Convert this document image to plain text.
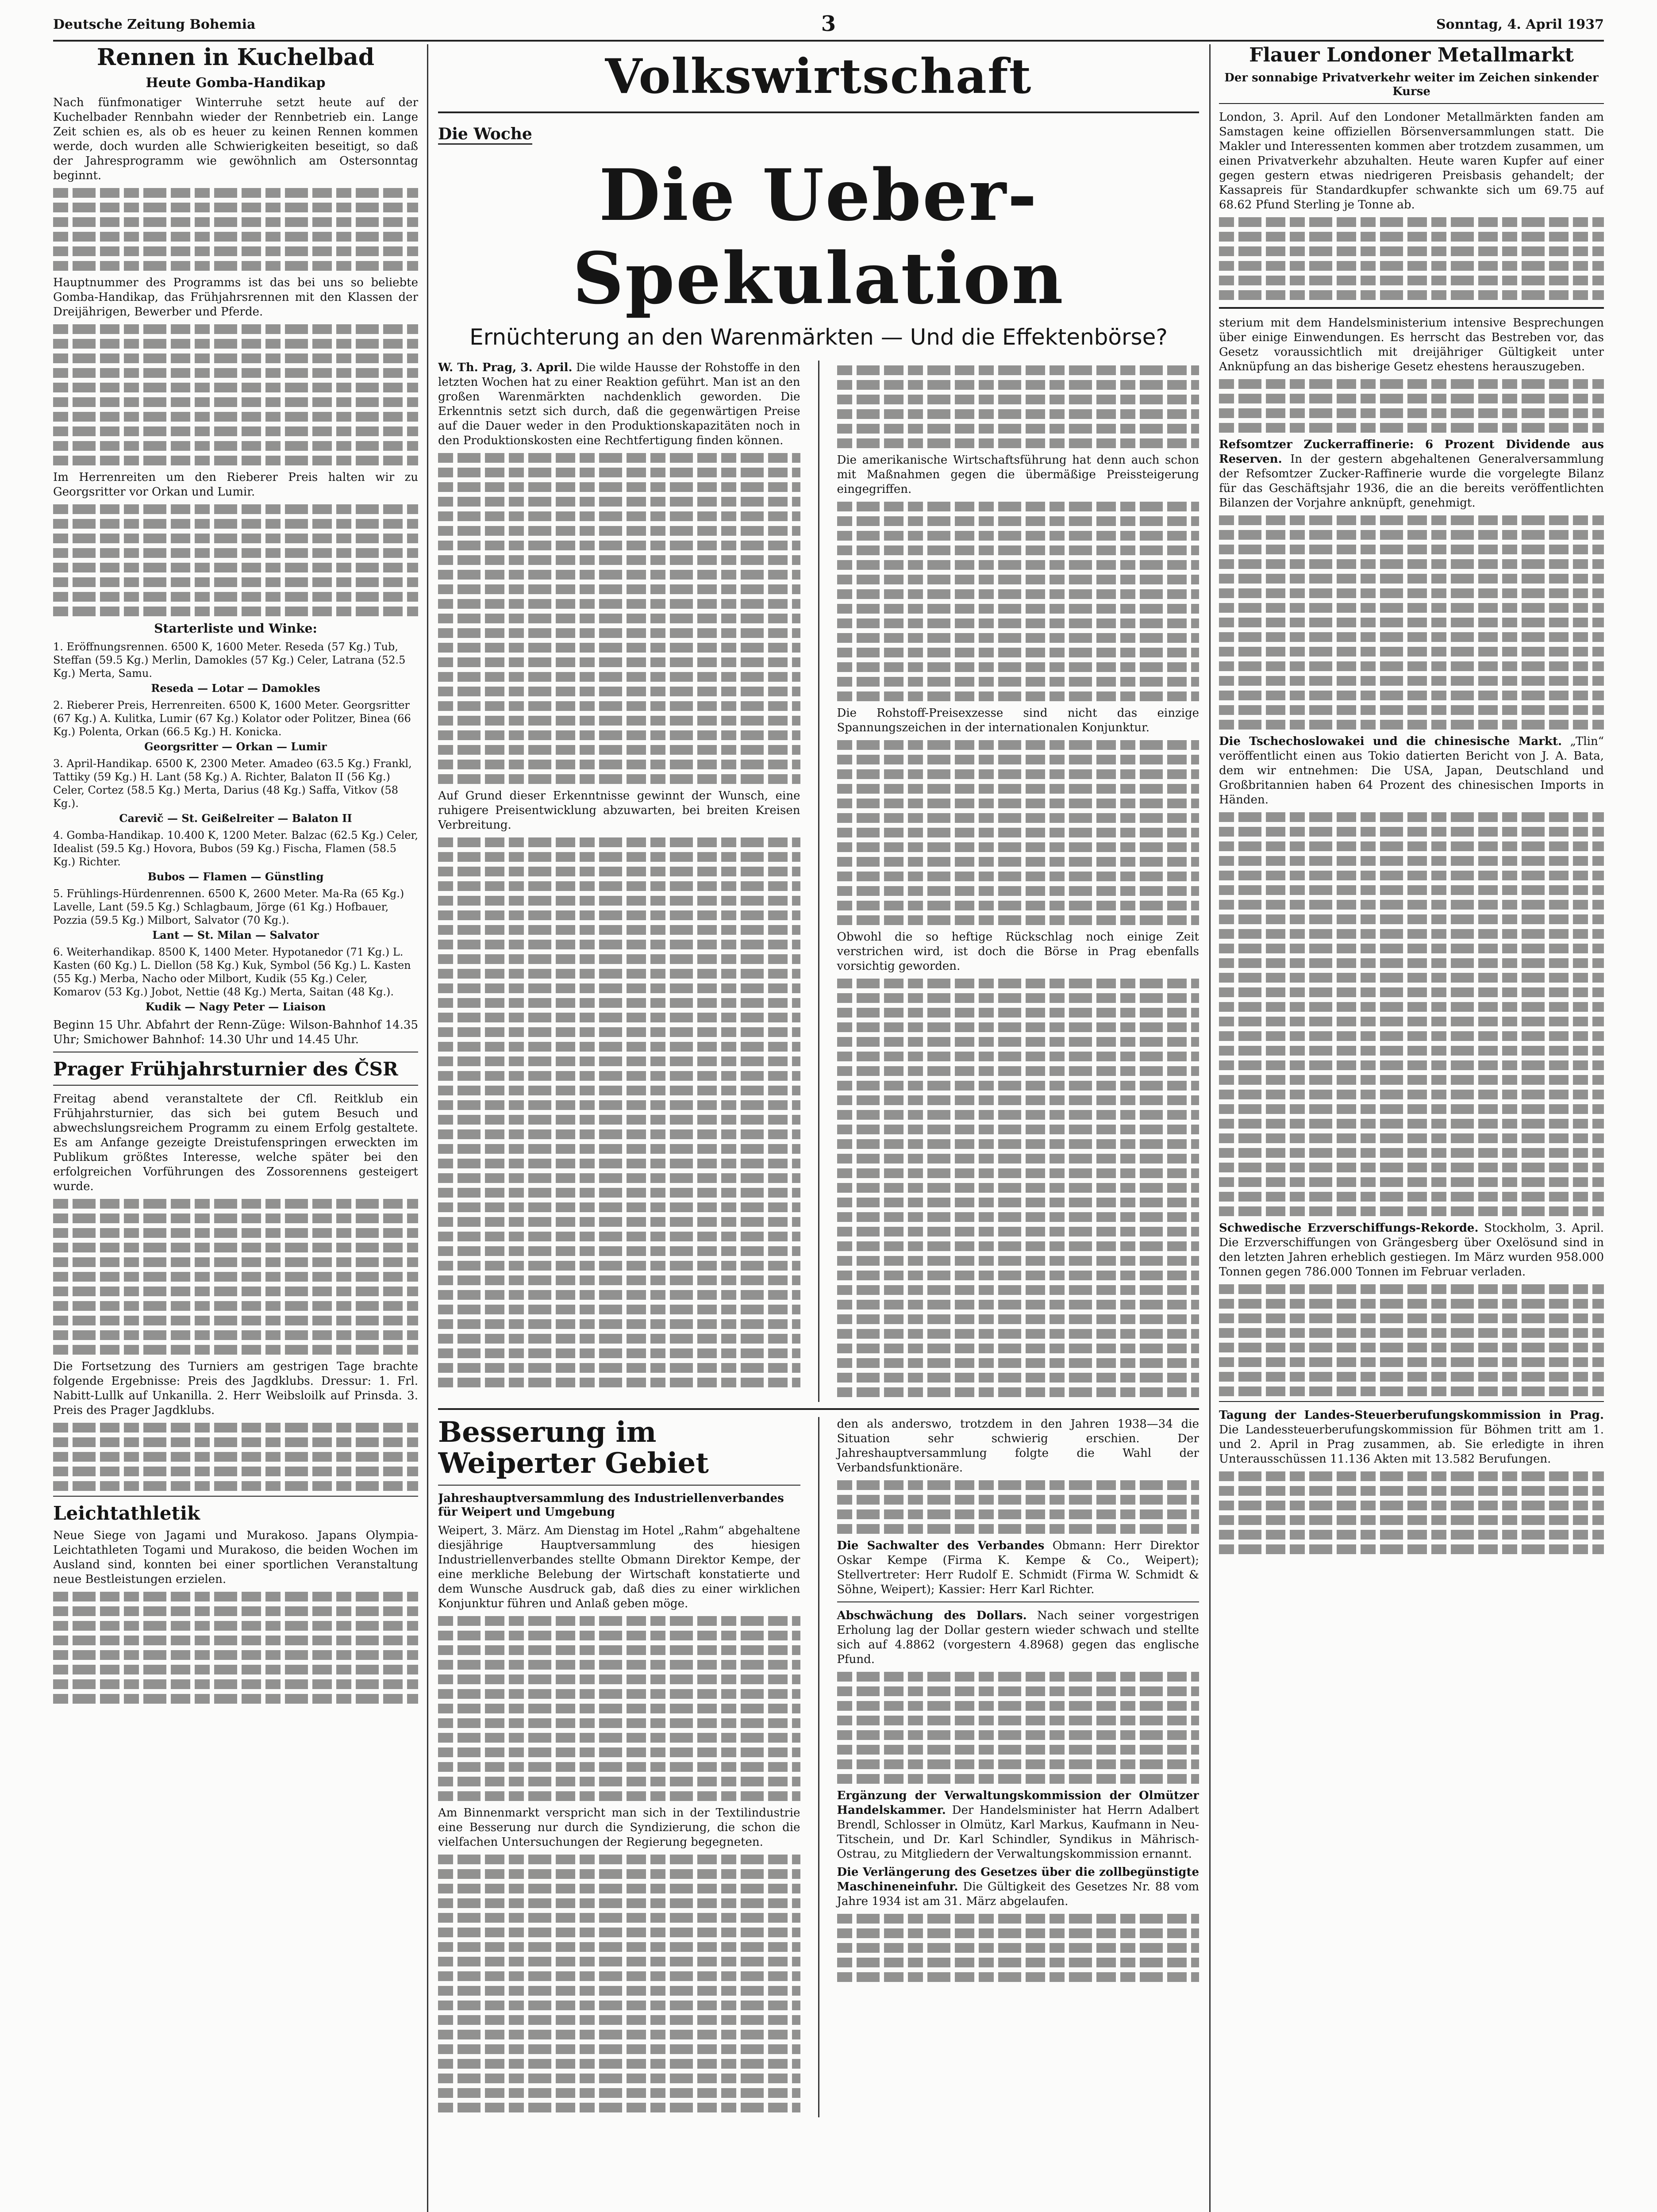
Deutsche Zeitung Bohemia	3	Sonntag, 4. April 1937
Rennen in Kuchelbad
Heute Gomba-Handikap

Nach fünfmonatiger Winterruhe setzt heute auf der Kuchelbader Rennbahn wieder der Rennbetrieb ein. Lange Zeit schien es, als ob es heuer zu keinen Rennen kommen werde, doch wurden alle Schwierigkeiten beseitigt, so daß der Jahresprogramm wie gewöhnlich am Ostersonntag beginnt.

Hauptnummer des Programms ist das bei uns so beliebte Gomba-Handikap, das Frühjahrsrennen mit den Klassen der Dreijährigen, Bewerber und Pferde.

Im Herrenreiten um den Rieberer Preis halten wir zu Georgsritter vor Orkan und Lumir.

Starterliste und Winke:

1. Eröffnungsrennen. 6500 K, 1600 Meter. Reseda (57 Kg.) Tub, Steffan (59.5 Kg.) Merlin, Damokles (57 Kg.) Celer, Latrana (52.5 Kg.) Merta, Samu.

Reseda — Lotar — Damokles

2. Rieberer Preis, Herrenreiten. 6500 K, 1600 Meter. Georgsritter (67 Kg.) A. Kulitka, Lumir (67 Kg.) Kolator oder Politzer, Binea (66 Kg.) Polenta, Orkan (66.5 Kg.) H. Konicka.

Georgsritter — Orkan — Lumir

3. April-Handikap. 6500 K, 2300 Meter. Amadeo (63.5 Kg.) Frankl, Tattiky (59 Kg.) H. Lant (58 Kg.) A. Richter, Balaton II (56 Kg.) Celer, Cortez (58.5 Kg.) Merta, Darius (48 Kg.) Saffa, Vitkov (58 Kg.).

Carevič — St. Geißelreiter — Balaton II

4. Gomba-Handikap. 10.400 K, 1200 Meter. Balzac (62.5 Kg.) Celer, Idealist (59.5 Kg.) Hovora, Bubos (59 Kg.) Fischa, Flamen (58.5 Kg.) Richter.

Bubos — Flamen — Günstling

5. Frühlings-Hürdenrennen. 6500 K, 2600 Meter. Ma-Ra (65 Kg.) Lavelle, Lant (59.5 Kg.) Schlagbaum, Jörge (61 Kg.) Hofbauer, Pozzia (59.5 Kg.) Milbort, Salvator (70 Kg.).

Lant — St. Milan — Salvator

6. Weiterhandikap. 8500 K, 1400 Meter. Hypotanedor (71 Kg.) L. Kasten (60 Kg.) L. Diellon (58 Kg.) Kuk, Symbol (56 Kg.) L. Kasten (55 Kg.) Merba, Nacho oder Milbort, Kudik (55 Kg.) Celer, Komarov (53 Kg.) Jobot, Nettie (48 Kg.) Merta, Saitan (48 Kg.).

Kudik — Nagy Peter — Liaison

Beginn 15 Uhr. Abfahrt der Renn-Züge: Wilson-Bahnhof 14.35 Uhr; Smichower Bahnhof: 14.30 Uhr und 14.45 Uhr.

Prager Frühjahrsturnier des ČSR

Freitag abend veranstaltete der Cfl. Reitklub ein Frühjahrsturnier, das sich bei gutem Besuch und abwechslungsreichem Programm zu einem Erfolg gestaltete. Es am Anfange gezeigte Dreistufenspringen erweckten im Publikum größtes Interesse, welche später bei den erfolgreichen Vorführungen des Zossorennens gesteigert wurde.

Die Fortsetzung des Turniers am gestrigen Tage brachte folgende Ergebnisse: Preis des Jagdklubs. Dressur: 1. Frl. Nabitt-Lullk auf Unkanilla. 2. Herr Weibsloilk auf Prinsda. 3. Preis des Prager Jagdklubs.

Leichtathletik

Neue Siege von Jagami und Murakoso. Japans Olympia-Leichtathleten Togami und Murakoso, die beiden Wochen im Ausland sind, konnten bei einer sportlichen Veranstaltung neue Bestleistungen erzielen.

Volkswirtschaft
Die Woche
Die Ueber-Spekulation
Ernüchterung an den Warenmärkten — Und die Effektenbörse?

W. Th. Prag, 3. April. Die wilde Hausse der Rohstoffe in den letzten Wochen hat zu einer Reaktion geführt. Man ist an den großen Warenmärkten nachdenklich geworden. Die Erkenntnis setzt sich durch, daß die gegenwärtigen Preise auf die Dauer weder in den Produktionskapazitäten noch in den Produktionskosten eine Rechtfertigung finden können.

Auf Grund dieser Erkenntnisse gewinnt der Wunsch, eine ruhigere Preisentwicklung abzuwarten, bei breiten Kreisen Verbreitung.

Die amerikanische Wirtschaftsführung hat denn auch schon mit Maßnahmen gegen die übermäßige Preissteigerung eingegriffen.

Die Rohstoff-Preisexzesse sind nicht das einzige Spannungszeichen in der internationalen Konjunktur.

Obwohl die so heftige Rückschlag noch einige Zeit verstrichen wird, ist doch die Börse in Prag ebenfalls vorsichtig geworden.

Besserung im Weiperter Gebiet
Jahreshauptversammlung des Industriellenverbandes für Weipert und Umgebung

Weipert, 3. März. Am Dienstag im Hotel „Rahm“ abgehaltene diesjährige Hauptversammlung des hiesigen Industriellenverbandes stellte Obmann Direktor Kempe, der eine merkliche Belebung der Wirtschaft konstatierte und dem Wunsche Ausdruck gab, daß dies zu einer wirklichen Konjunktur führen und Anlaß geben möge.

Am Binnenmarkt verspricht man sich in der Textilindustrie eine Besserung nur durch die Syndizierung, die schon die vielfachen Untersuchungen der Regierung begegneten.

den als anderswo, trotzdem in den Jahren 1938—34 die Situation sehr schwierig erschien. Der Jahreshauptversammlung folgte die Wahl der Verbandsfunktionäre.

Die Sachwalter des Verbandes Obmann: Herr Direktor Oskar Kempe (Firma K. Kempe & Co., Weipert); Stellvertreter: Herr Rudolf E. Schmidt (Firma W. Schmidt & Söhne, Weipert); Kassier: Herr Karl Richter.

Abschwächung des Dollars. Nach seiner vorgestrigen Erholung lag der Dollar gestern wieder schwach und stellte sich auf 4.8862 (vorgestern 4.8968) gegen das englische Pfund.

Ergänzung der Verwaltungskommission der Olmützer Handelskammer. Der Handelsminister hat Herrn Adalbert Brendl, Schlosser in Olmütz, Karl Markus, Kaufmann in Neu-Titschein, und Dr. Karl Schindler, Syndikus in Mährisch-Ostrau, zu Mitgliedern der Verwaltungskommission ernannt.

Die Verlängerung des Gesetzes über die zollbegünstigte Maschineneinfuhr. Die Gültigkeit des Gesetzes Nr. 88 vom Jahre 1934 ist am 31. März abgelaufen.

Flauer Londoner Metallmarkt
Der sonnabige Privatverkehr weiter im Zeichen sinkender Kurse

London, 3. April. Auf den Londoner Metallmärkten fanden am Samstagen keine offiziellen Börsenversammlungen statt. Die Makler und Interessenten kommen aber trotzdem zusammen, um einen Privatverkehr abzuhalten. Heute waren Kupfer auf einer gegen gestern etwas niedrigeren Preisbasis gehandelt; der Kassapreis für Standardkupfer schwankte sich um 69.75 auf 68.62 Pfund Sterling je Tonne ab.

sterium mit dem Handelsministerium intensive Besprechungen über einige Einwendungen. Es herrscht das Bestreben vor, das Gesetz voraussichtlich mit dreijähriger Gültigkeit unter Anknüpfung an das bisherige Gesetz ehestens herauszugeben.

Refsomtzer Zuckerraffinerie: 6 Prozent Dividende aus Reserven. In der gestern abgehaltenen Generalversammlung der Refsomtzer Zucker-Raffinerie wurde die vorgelegte Bilanz für das Geschäftsjahr 1936, die an die bereits veröffentlichten Bilanzen der Vorjahre anknüpft, genehmigt.

Die Tschechoslowakei und die chinesische Markt. „Tlin“ veröffentlicht einen aus Tokio datierten Bericht von J. A. Bata, dem wir entnehmen: Die USA, Japan, Deutschland und Großbritannien haben 64 Prozent des chinesischen Imports in Händen.

Schwedische Erzverschiffungs-Rekorde. Stockholm, 3. April. Die Erzverschiffungen von Grängesberg über Oxelösund sind in den letzten Jahren erheblich gestiegen. Im März wurden 958.000 Tonnen gegen 786.000 Tonnen im Februar verladen.

Tagung der Landes-Steuerberufungskommission in Prag. Die Landessteuerberufungskommission für Böhmen tritt am 1. und 2. April in Prag zusammen, ab. Sie erledigte in ihren Unterausschüssen 11.136 Akten mit 13.582 Berufungen.
